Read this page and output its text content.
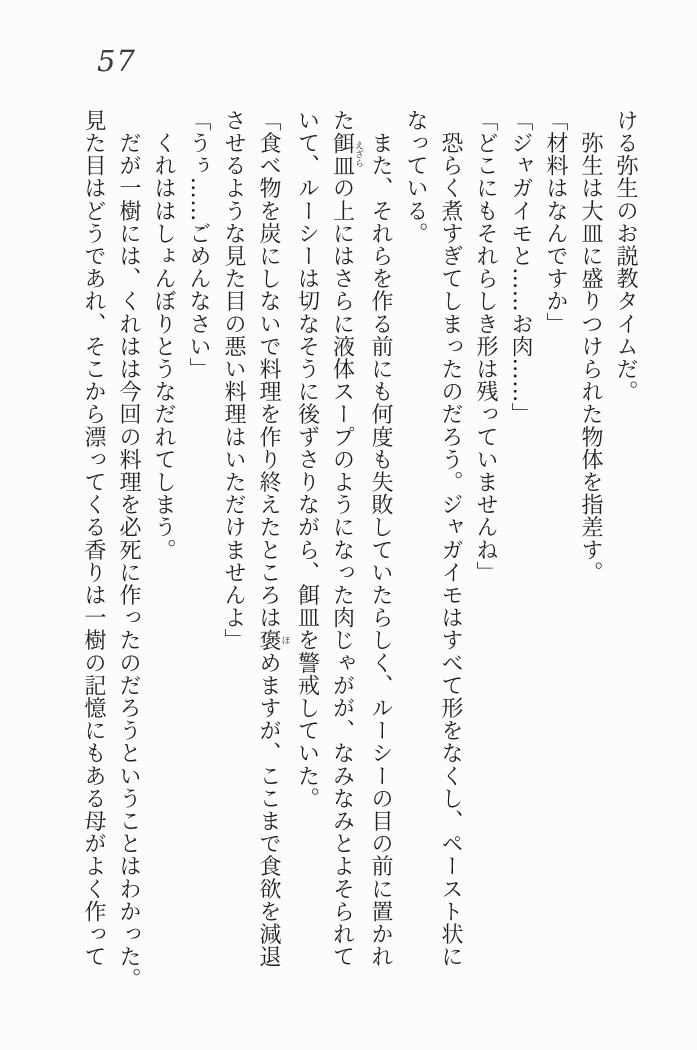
57
ける弥生のお説教タイムだ。
　弥生は大皿に盛りつけられた物体を指差す。
「材料はなんですか」
「ジャガイモと……お肉……」
「どこにもそれらしき形は残っていませんね」
　恐らく煮すぎてしまったのだろう。ジャガイモはすべて形をなくし、ペースト状に
なっている。
　また、それらを作る前にも何度も失敗していたらしく、ルーシーの目の前に置かれ
た餌皿えざらの上にはさらに液体スープのようになった肉じゃがが、なみなみとよそられて
いて、ルーシーは切なそうに後ずさりながら、餌皿を警戒していた。
「食べ物を炭にしないで料理を作り終えたところは褒ほめますが、ここまで食欲を減退
させるような見た目の悪い料理はいただけませんよ」
「うぅ……ごめんなさい」
　くれははしょんぼりとうなだれてしまう。
　だが一樹には、くれはは今回の料理を必死に作ったのだろうということはわかった。
見た目はどうであれ、そこから漂ってくる香りは一樹の記憶にもある母がよく作って
